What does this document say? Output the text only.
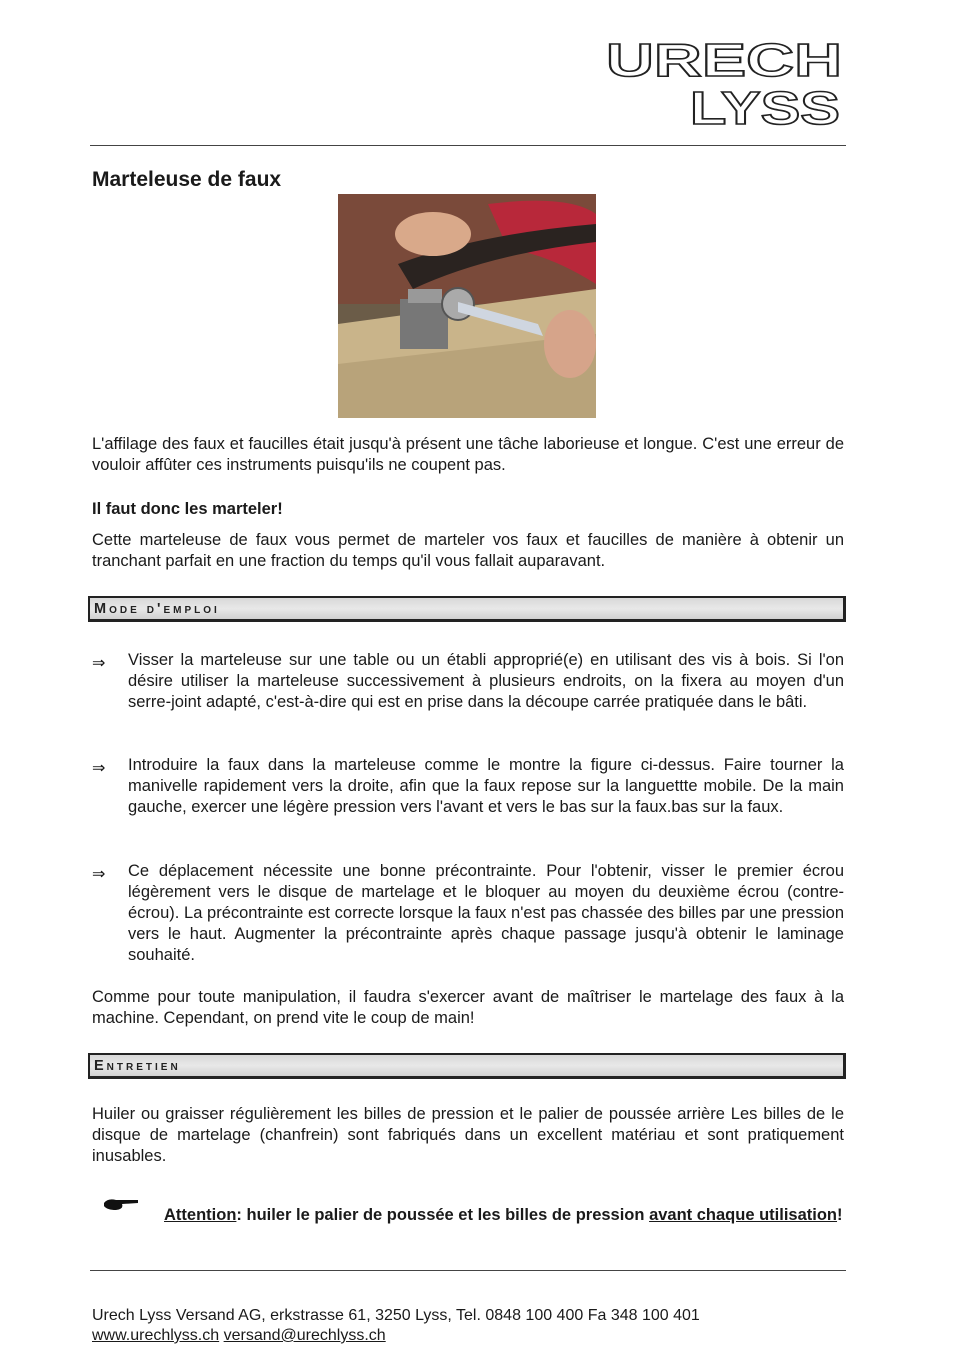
URECH
LYSS
Marteleuse de faux

L'affilage des faux et faucilles était jusqu'à présent une tâche laborieuse et longue. C'est une erreur de vouloir affûter ces instruments puisqu'ils ne coupent pas.

Il faut donc les marteler!

Cette marteleuse de faux vous permet de marteler vos faux et faucilles de manière à obtenir un tranchant parfait en une fraction du temps qu'il vous fallait auparavant.

Mode d'emploi
⇒	Visser la marteleuse sur une table ou un établi approprié(e) en utilisant des vis à bois. Si l'on désire utiliser la marteleuse successivement à plusieurs endroits, on la fixera au moyen d'un serre-joint adapté, c'est-à-dire qui est en prise dans la découpe carrée pratiquée dans le bâti.

⇒	Introduire la faux dans la marteleuse comme le montre la figure ci-dessus. Faire tourner la manivelle rapidement vers la droite, afin que la faux repose sur la languettte mobile. De la main gauche, exercer une légère pression vers l'avant et vers le bas sur la faux.bas sur la faux.

⇒	Ce déplacement nécessite une bonne précontrainte. Pour l'obtenir, visser le premier écrou légèrement vers le disque de martelage et le bloquer au moyen du deuxième écrou (contre-écrou). La précontrainte est correcte lorsque la faux n'est pas chassée des billes par une pression vers le haut. Augmenter la précontrainte après chaque passage jusqu'à obtenir le laminage souhaité.

Comme pour toute manipulation, il faudra s'exercer avant de maîtriser le martelage des faux à la machine. Cependant, on prend vite le coup de main!

Entretien

Huiler ou graisser régulièrement les billes de pression et le palier de poussée arrière Les billes de le disque de martelage (chanfrein) sont fabriqués dans un excellent matériau et sont pratiquement inusables.

Attention: huiler le palier de poussée et les billes de pression avant chaque utilisation!

Urech Lyss Versand AG, erkstrasse 61, 3250 Lyss, Tel. 0848 100 400 Fa 348 100 401
www.urechlyss.ch versand@urechlyss.ch
